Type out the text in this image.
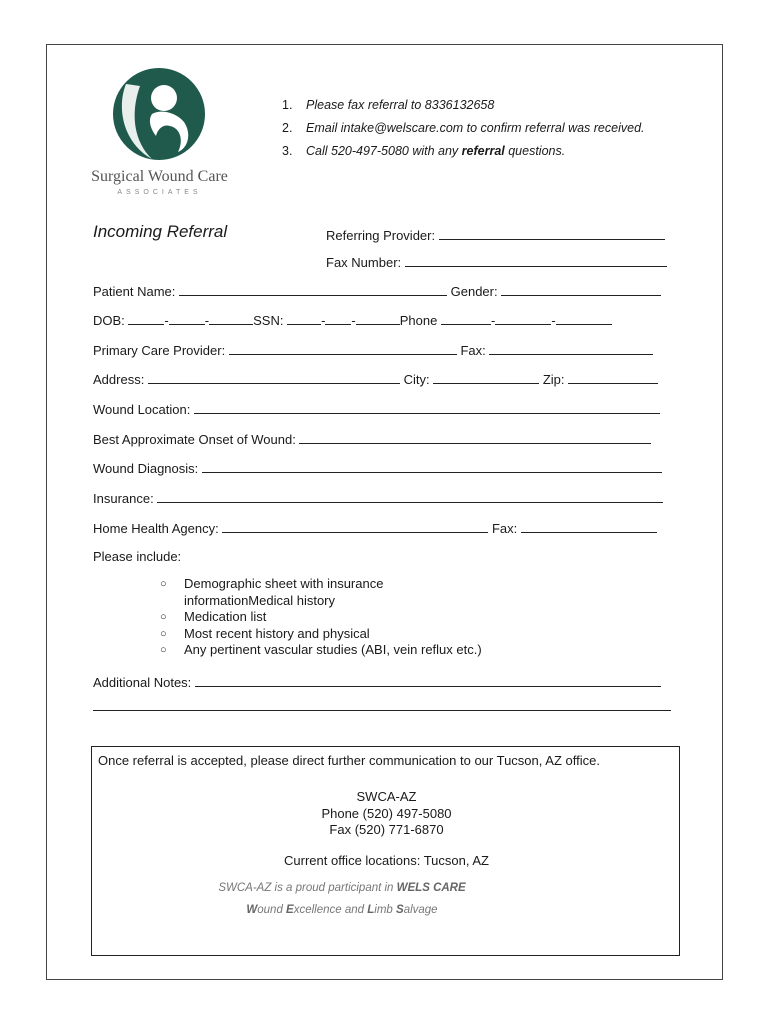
Surgical Wound Care
ASSOCIATES
1. Please fax referral to 8336132658
2. Email intake@welscare.com to confirm referral was received.
3. Call 520-497-5080 with any referral questions.
Incoming Referral	Referring Provider:
Fax Number:
Patient Name:	Gender:
DOB:	-	-	SSN:	- -	Phone	-	-
Primary Care Provider:	Fax:
Address:	City:	Zip:
Wound Location:
Best Approximate Onset of Wound:
Wound Diagnosis:
Insurance:
Home Health Agency:	Fax:
Please include:
○ Demographic sheet with insurance informationMedical history
○ Medication list
○ Most recent history and physical
○ Any pertinent vascular studies (ABI, vein reflux etc.)
Additional Notes:
Once referral is accepted, please direct further communication to our Tucson, AZ office.
SWCA-AZ
Phone (520) 497-5080
Fax (520) 771-6870
Current office locations: Tucson, AZ
SWCA-AZ is a proud participant in WELS CARE
Wound Excellence and Limb Salvage
